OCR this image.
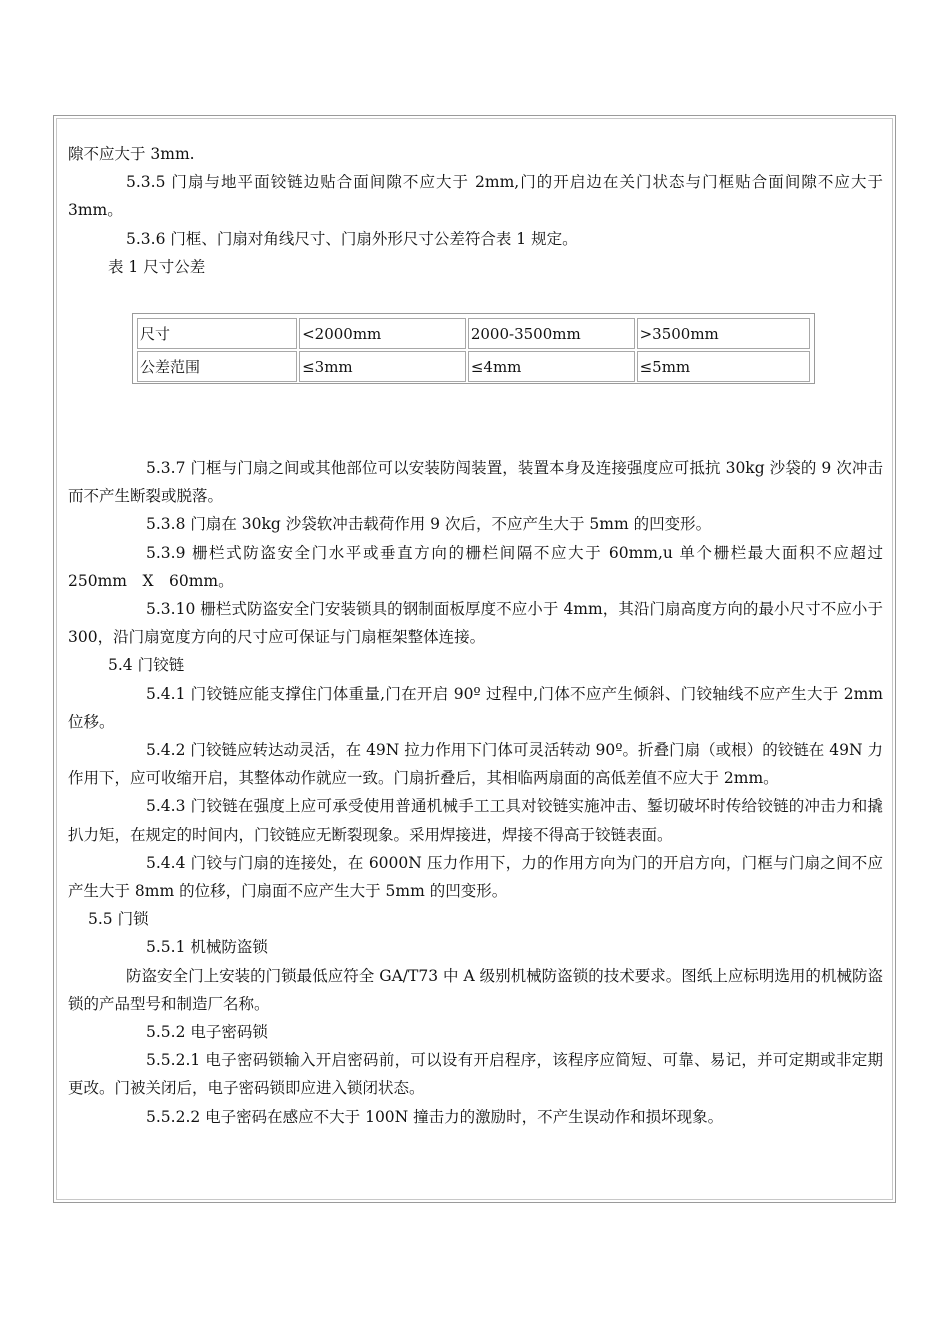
隙不应大于 3mm.

5.3.5 门扇与地平面铰链边贴合面间隙不应大于 2mm,门的开启边在关门状态与门框贴合面间隙不应大于 3mm。

5.3.6 门框、门扇对角线尺寸、门扇外形尺寸公差符合表 1 规定。

表 1 尺寸公差

尺寸	<2000mm	2000-3500mm	>3500mm
公差范围	≤3mm	≤4mm	≤5mm

5.3.7 门框与门扇之间或其他部位可以安装防闯装置，装置本身及连接强度应可抵抗 30kg 沙袋的 9 次冲击而不产生断裂或脱落。

5.3.8 门扇在 30kg 沙袋软冲击载荷作用 9 次后，不应产生大于 5mm 的凹变形。

5.3.9 栅栏式防盗安全门水平或垂直方向的栅栏间隔不应大于 60mm,u 单个栅栏最大面积不应超过 250mm　X　60mm。

5.3.10 栅栏式防盗安全门安装锁具的钢制面板厚度不应小于 4mm，其沿门扇高度方向的最小尺寸不应小于 300，沿门扇宽度方向的尺寸应可保证与门扇框架整体连接。

5.4 门铰链

5.4.1 门铰链应能支撑住门体重量,门在开启 90º 过程中,门体不应产生倾斜、门铰轴线不应产生大于 2mm 位移。

5.4.2 门铰链应转达动灵活，在 49N 拉力作用下门体可灵活转动 90º。折叠门扇（或根）的铰链在 49N 力作用下，应可收缩开启，其整体动作就应一致。门扇折叠后，其相临两扇面的高低差值不应大于 2mm。

5.4.3 门铰链在强度上应可承受使用普通机械手工工具对铰链实施冲击、錾切破坏时传给铰链的冲击力和撬扒力矩，在规定的时间内，门铰链应无断裂现象。采用焊接进，焊接不得高于铰链表面。

5.4.4 门铰与门扇的连接处，在 6000N 压力作用下，力的作用方向为门的开启方向，门框与门扇之间不应产生大于 8mm 的位移，门扇面不应产生大于 5mm 的凹变形。

5.5 门锁

5.5.1 机械防盗锁

防盗安全门上安装的门锁最低应符全 GA/T73 中 A 级别机械防盗锁的技术要求。图纸上应标明选用的机械防盗锁的产品型号和制造厂名称。

5.5.2 电子密码锁

5.5.2.1 电子密码锁输入开启密码前，可以设有开启程序，该程序应简短、可靠、易记，并可定期或非定期更改。门被关闭后，电子密码锁即应进入锁闭状态。

5.5.2.2 电子密码在感应不大于 100N 撞击力的激励时，不产生误动作和损坏现象。
